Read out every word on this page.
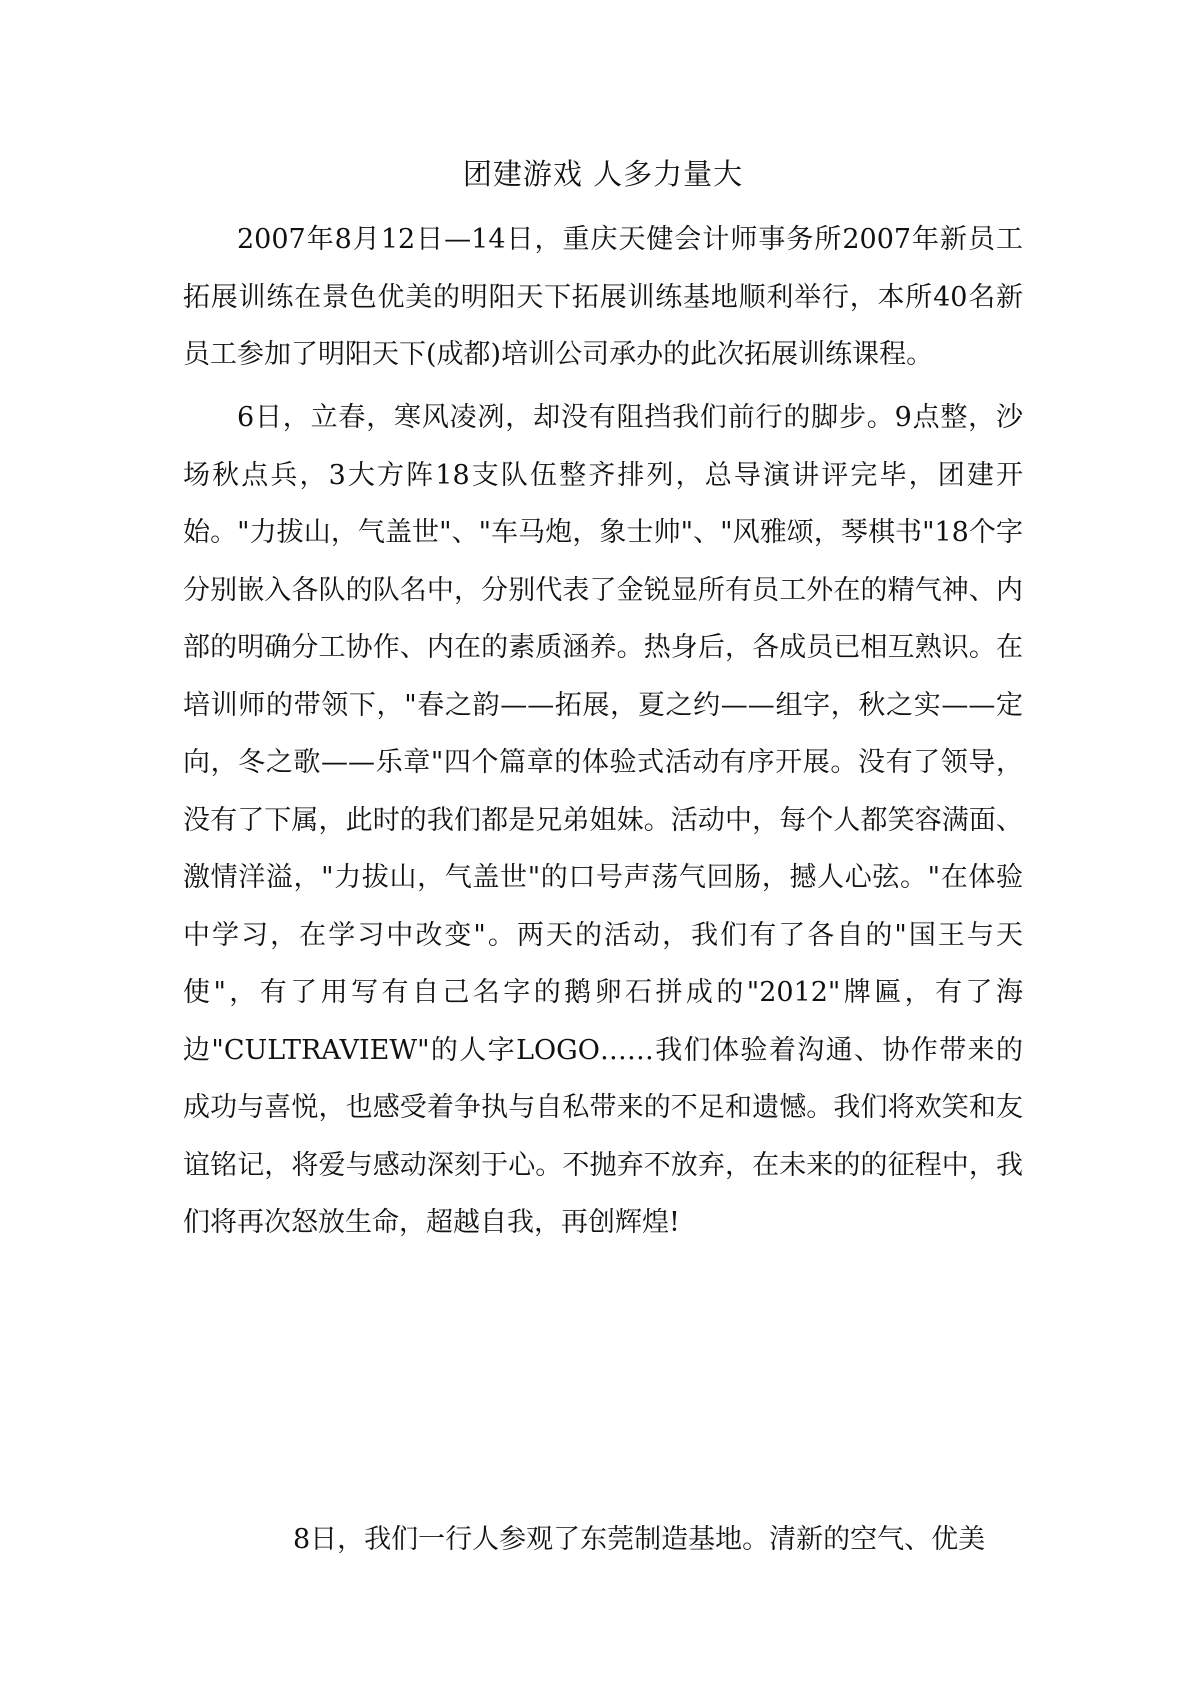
团建游戏 人多力量大

2007年8月12日—14日，重庆天健会计师事务所2007年新员工拓展训练在景色优美的明阳天下拓展训练基地顺利举行，本所40名新员工参加了明阳天下(成都)培训公司承办的此次拓展训练课程。

6日，立春，寒风凌冽，却没有阻挡我们前行的脚步。9点整，沙场秋点兵，3大方阵18支队伍整齐排列，总导演讲评完毕，团建开始。"力拔山，气盖世"、"车马炮，象士帅"、"风雅颂，琴棋书"18个字分别嵌入各队的队名中，分别代表了金锐显所有员工外在的精气神、内部的明确分工协作、内在的素质涵养。热身后，各成员已相互熟识。在培训师的带领下，"春之韵——拓展，夏之约——组字，秋之实——定向，冬之歌——乐章"四个篇章的体验式活动有序开展。没有了领导，没有了下属，此时的我们都是兄弟姐妹。活动中，每个人都笑容满面、激情洋溢，"力拔山，气盖世"的口号声荡气回肠，撼人心弦。"在体验中学习，在学习中改变"。两天的活动，我们有了各自的"国王与天使"，有了用写有自己名字的鹅卵石拼成的"2012"牌匾，有了海边"CULTRAVIEW"的人字LOGO……我们体验着沟通、协作带来的成功与喜悦，也感受着争执与自私带来的不足和遗憾。我们将欢笑和友谊铭记，将爱与感动深刻于心。不抛弃不放弃，在未来的的征程中，我们将再次怒放生命，超越自我，再创辉煌!

8日，我们一行人参观了东莞制造基地。清新的空气、优美
